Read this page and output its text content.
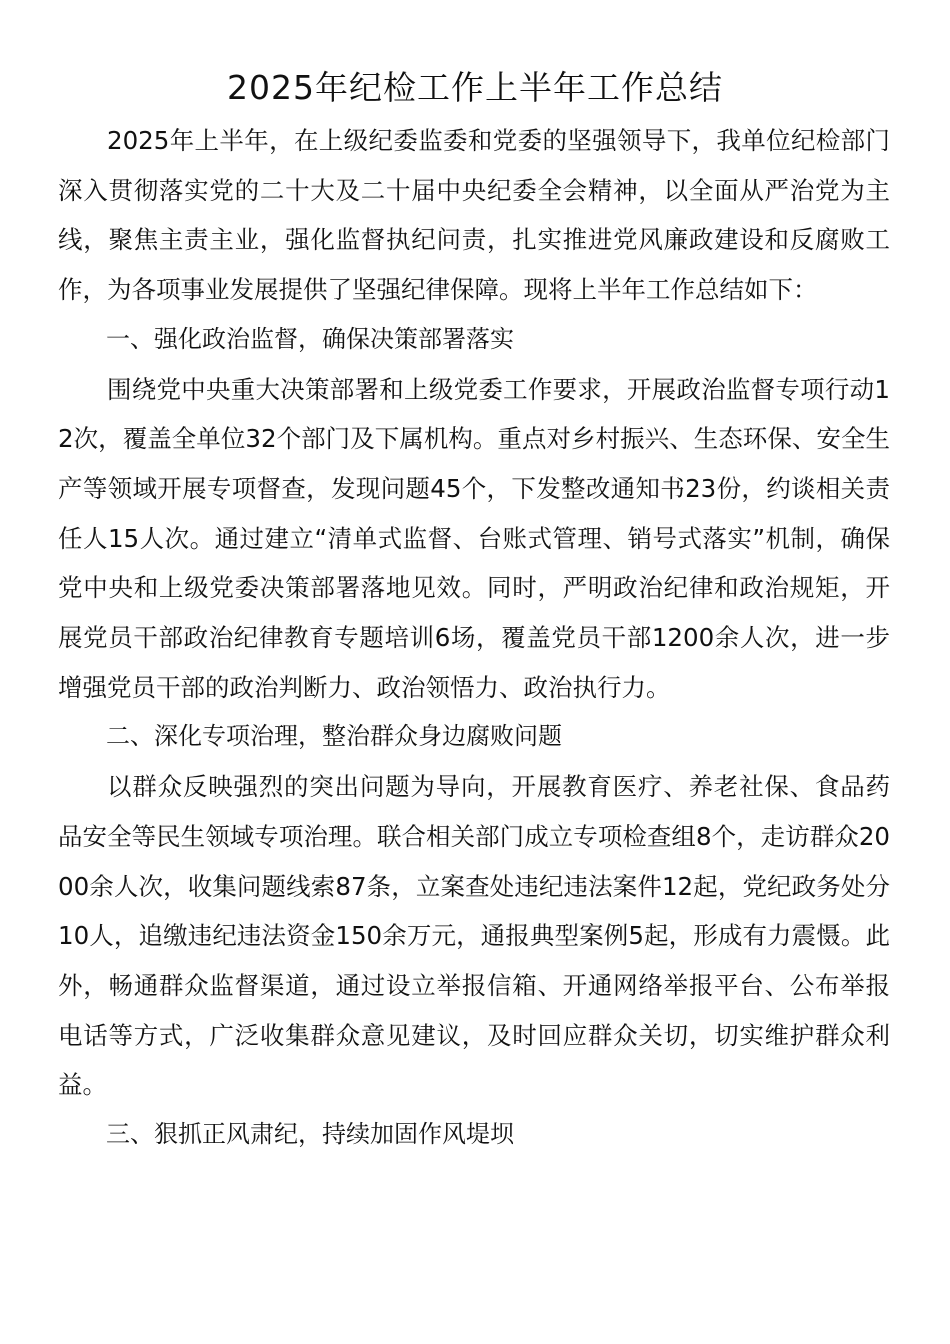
2025年纪检工作上半年工作总结

2025年上半年，在上级纪委监委和党委的坚强领导下，我单位纪检部门深入贯彻落实党的二十大及二十届中央纪委全会精神，以全面从严治党为主线，聚焦主责主业，强化监督执纪问责，扎实推进党风廉政建设和反腐败工作，为各项事业发展提供了坚强纪律保障。现将上半年工作总结如下：

一、强化政治监督，确保决策部署落实

围绕党中央重大决策部署和上级党委工作要求，开展政治监督专项行动12次，覆盖全单位32个部门及下属机构。重点对乡村振兴、生态环保、安全生产等领域开展专项督查，发现问题45个，下发整改通知书23份，约谈相关责任人15人次。通过建立“清单式监督、台账式管理、销号式落实”机制，确保党中央和上级党委决策部署落地见效。同时，严明政治纪律和政治规矩，开展党员干部政治纪律教育专题培训6场，覆盖党员干部1200余人次，进一步增强党员干部的政治判断力、政治领悟力、政治执行力。

二、深化专项治理，整治群众身边腐败问题

以群众反映强烈的突出问题为导向，开展教育医疗、养老社保、食品药品安全等民生领域专项治理。联合相关部门成立专项检查组8个，走访群众2000余人次，收集问题线索87条，立案查处违纪违法案件12起，党纪政务处分10人，追缴违纪违法资金150余万元，通报典型案例5起，形成有力震慑。此外，畅通群众监督渠道，通过设立举报信箱、开通网络举报平台、公布举报电话等方式，广泛收集群众意见建议，及时回应群众关切，切实维护群众利益。

三、狠抓正风肃纪，持续加固作风堤坝
